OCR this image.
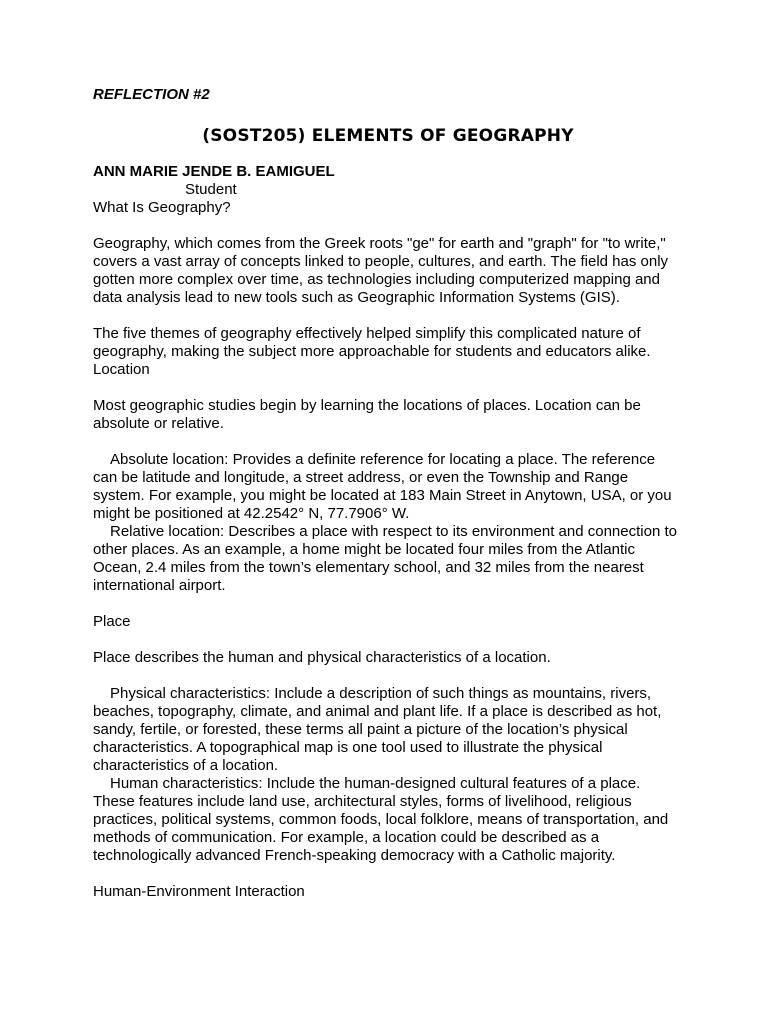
REFLECTION #2

(SOST205) ELEMENTS OF GEOGRAPHY

ANN MARIE JENDE B. EAMIGUEL

Student

What Is Geography?

Geography, which comes from the Greek roots "ge" for earth and "graph" for "to write," covers a vast array of concepts linked to people, cultures, and earth. The field has only gotten more complex over time, as technologies including computerized mapping and data analysis lead to new tools such as Geographic Information Systems (GIS).

The five themes of geography effectively helped simplify this complicated nature of geography, making the subject more approachable for students and educators alike.

Location

Most geographic studies begin by learning the locations of places. Location can be absolute or relative.

Absolute location: Provides a definite reference for locating a place. The reference can be latitude and longitude, a street address, or even the Township and Range system. For example, you might be located at 183 Main Street in Anytown, USA, or you might be positioned at 42.2542° N, 77.7906° W.

Relative location: Describes a place with respect to its environment and connection to other places. As an example, a home might be located four miles from the Atlantic Ocean, 2.4 miles from the town’s elementary school, and 32 miles from the nearest international airport.

Place

Place describes the human and physical characteristics of a location.

Physical characteristics: Include a description of such things as mountains, rivers, beaches, topography, climate, and animal and plant life. If a place is described as hot, sandy, fertile, or forested, these terms all paint a picture of the location’s physical characteristics. A topographical map is one tool used to illustrate the physical characteristics of a location.

Human characteristics: Include the human-designed cultural features of a place. These features include land use, architectural styles, forms of livelihood, religious practices, political systems, common foods, local folklore, means of transportation, and methods of communication. For example, a location could be described as a technologically advanced French-speaking democracy with a Catholic majority.

Human-Environment Interaction
